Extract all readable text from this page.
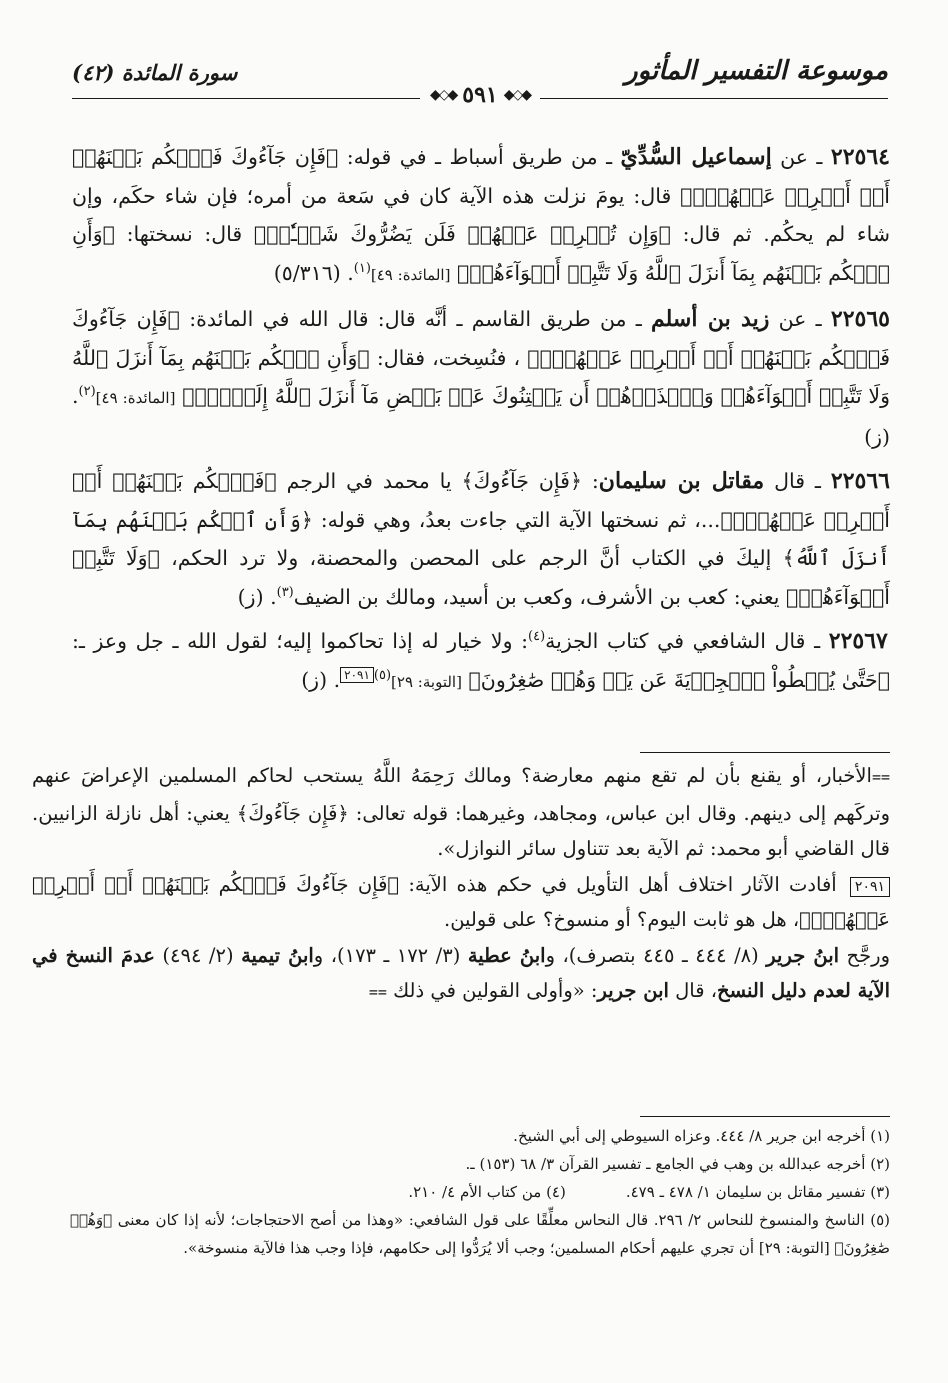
موسوعة التفسير المأثور
سورة المائدة (٤٢)
◆◇◆ ٥٩١ ◆◇◆

٢٢٥٦٤ ـ عن إسماعيل السُّدِّيّ ـ من طريق أسباط ـ في قوله: ﴿فَإِن جَآءُوكَ فَٱحۡكُم بَيۡنَهُمۡ أَوۡ أَعۡرِضۡ عَنۡهُمۡۖ﴾ قال: يومَ نزلت هذه الآية كان في سَعة من أمره؛ فإن شاء حكَم، وإن شاء لم يحكُم. ثم قال: ﴿وَإِن تُعۡرِضۡ عَنۡهُمۡ فَلَن يَضُرُّوكَ شَيۡـٔٗاۖ﴾ قال: نسختها: ﴿وَأَنِ ٱحۡكُم بَيۡنَهُم بِمَآ أَنزَلَ ٱللَّهُ وَلَا تَتَّبِعۡ أَهۡوَآءَهُمۡ﴾ [المائدة: ٤٩]$^{(١)}$. (٥/٣١٦)

٢٢٥٦٥ ـ عن زيد بن أسلم ـ من طريق القاسم ـ أنَّه قال: قال الله في المائدة: ﴿فَإِن جَآءُوكَ فَٱحۡكُم بَيۡنَهُمۡ أَوۡ أَعۡرِضۡ عَنۡهُمۡۖ﴾ ، فنُسِخت، فقال: ﴿وَأَنِ ٱحۡكُم بَيۡنَهُم بِمَآ أَنزَلَ ٱللَّهُ وَلَا تَتَّبِعۡ أَهۡوَآءَهُمۡ وَٱحۡذَرۡهُمۡ أَن يَفۡتِنُوكَ عَنۢ بَعۡضِ مَآ أَنزَلَ ٱللَّهُ إِلَيۡكَۖ﴾ [المائدة: ٤٩]$^{(٢)}$. (ز)

٢٢٥٦٦ ـ قال مقاتل بن سليمان: ﴿فَإِن جَآءُوكَ﴾ يا محمد في الرجم ﴿فَٱحۡكُم بَيۡنَهُمۡ أَوۡ أَعۡرِضۡ عَنۡهُمۡۖ﴾...، ثم نسختها الآية التي جاءت بعدُ، وهي قوله: ﴿وَأَنِ ٱحۡكُم بَيۡنَهُم بِمَآ أَنزَلَ ٱللَّهُ﴾ إليكَ في الكتاب أنَّ الرجم على المحصن والمحصنة، ولا ترد الحكم، ﴿وَلَا تَتَّبِعۡ أَهۡوَآءَهُمۡ﴾ يعني: كعب بن الأشرف، وكعب بن أسيد، ومالك بن الضيف$^{(٣)}$. (ز)

٢٢٥٦٧ ـ قال الشافعي في كتاب الجزية$^{(٤)}$: ولا خيار له إذا تحاكموا إليه؛ لقول الله ـ جل وعز ـ: ﴿حَتَّىٰ يُعۡطُواْ ٱلۡجِزۡيَةَ عَن يَدٖ وَهُمۡ صَٰغِرُونَ﴾ [التوبة: ٢٩]$^{(٥)}$٢٠٩١. (ز)

==الأخبار، أو يقنع بأن لم تقع منهم معارضة؟ ومالك رَحِمَهُ اللَّهُ يستحب لحاكم المسلمين الإعراضَ عنهم وتركَهم إلى دينهم. وقال ابن عباس، ومجاهد، وغيرهما: قوله تعالى: ﴿فَإِن جَآءُوكَ﴾ يعني: أهل نازلة الزانيين. قال القاضي أبو محمد: ثم الآية بعد تتناول سائر النوازل».

٢٠٩١ أفادت الآثار اختلاف أهل التأويل في حكم هذه الآية: ﴿فَإِن جَآءُوكَ فَٱحۡكُم بَيۡنَهُمۡ أَوۡ أَعۡرِضۡ عَنۡهُمۡۖ﴾، هل هو ثابت اليوم؟ أو منسوخ؟ على قولين.

ورجَّح ابنُ جرير (٨/ ٤٤٤ ـ ٤٤٥ بتصرف)، وابنُ عطية (٣/ ١٧٢ ـ ١٧٣)، وابنُ تيمية (٢/ ٤٩٤) عدمَ النسخ في الآية لعدم دليل النسخ، قال ابن جرير: «وأولى القولين في ذلك ==

(١) أخرجه ابن جرير ٨/ ٤٤٤. وعزاه السيوطي إلى أبي الشيخ.

(٢) أخرجه عبدالله بن وهب في الجامع ـ تفسير القرآن ٣/ ٦٨ (١٥٣) ـ.

(٣) تفسير مقاتل بن سليمان ١/ ٤٧٨ ـ ٤٧٩.
(٤) من كتاب الأم ٤/ ٢١٠.

(٥) الناسخ والمنسوخ للنحاس ٢/ ٢٩٦. قال النحاس معلِّقًا على قول الشافعي: «وهذا من أصح الاحتجاجات؛ لأنه إذا كان معنى ﴿وَهُمۡ صَٰغِرُونَ﴾ [التوبة: ٢٩] أن تجري عليهم أحكام المسلمين؛ وجب ألا يُرَدُّوا إلى حكامهم، فإذا وجب هذا فالآية منسوخة».
